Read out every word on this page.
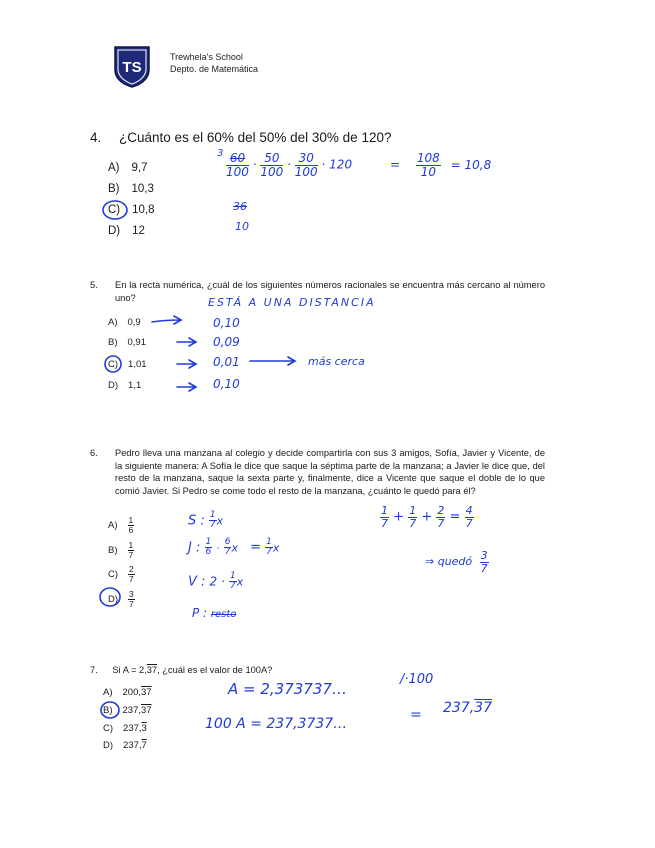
TS
Trewhela's School
Depto. de Matemática
4. ¿Cuánto es el 60% del 50% del 30% de 120?
A) 9,7
B) 10,3
C) 10,8
D) 12
$3 \frac{60}{100} \cdot \frac{50}{100} \cdot \frac{30}{100} \cdot 120$	= $\frac{108}{10} = 10,8$
36
10
5. En la recta numérica, ¿cuál de los siguientes números racionales se encuentra más cercano al número uno?
A) 0,9
B) 0,91
C) 1,01
D) 1,1
ESTÁ A UNA DISTANCIA
0,10
0,09
0,01
0,10
más cerca
6. Pedro lleva una manzana al colegio y decide compartirla con sus 3 amigos, Sofía, Javier y Vicente, de la siguiente manera: A Sofía le dice que saque la séptima parte de la manzana; a Javier le dice que, del resto de la manzana, saque la sexta parte y, finalmente, dice a Vicente que saque el doble de lo que comió Javier. Si Pedro se come todo el resto de la manzana, ¿cuánto le quedó para él?
$A) \frac{1}{6}$
$B) \frac{1}{7}$
$C) \frac{2}{7}$
$D) \frac{3}{7}$
S : $\frac{1}{7}$ x
J : $\frac{1}{6} \cdot \frac{6}{7}$ $x = \frac{1}{7}$ x
V : $2 \cdot \frac{1}{7}$ x
P : resto
$\frac{1}{7} + \frac{1}{7} + \frac{2}{7} = \frac{4}{7}$
⇒ quedó $\frac{3}{7}$
7. Si A = 2,37, ¿cuál es el valor de 100A?
A) 200,37
B) 237,37
C) 237,3
D) 237,7
A = 2,373737…
/·100
100 A = 237,3737…
= 237,37
